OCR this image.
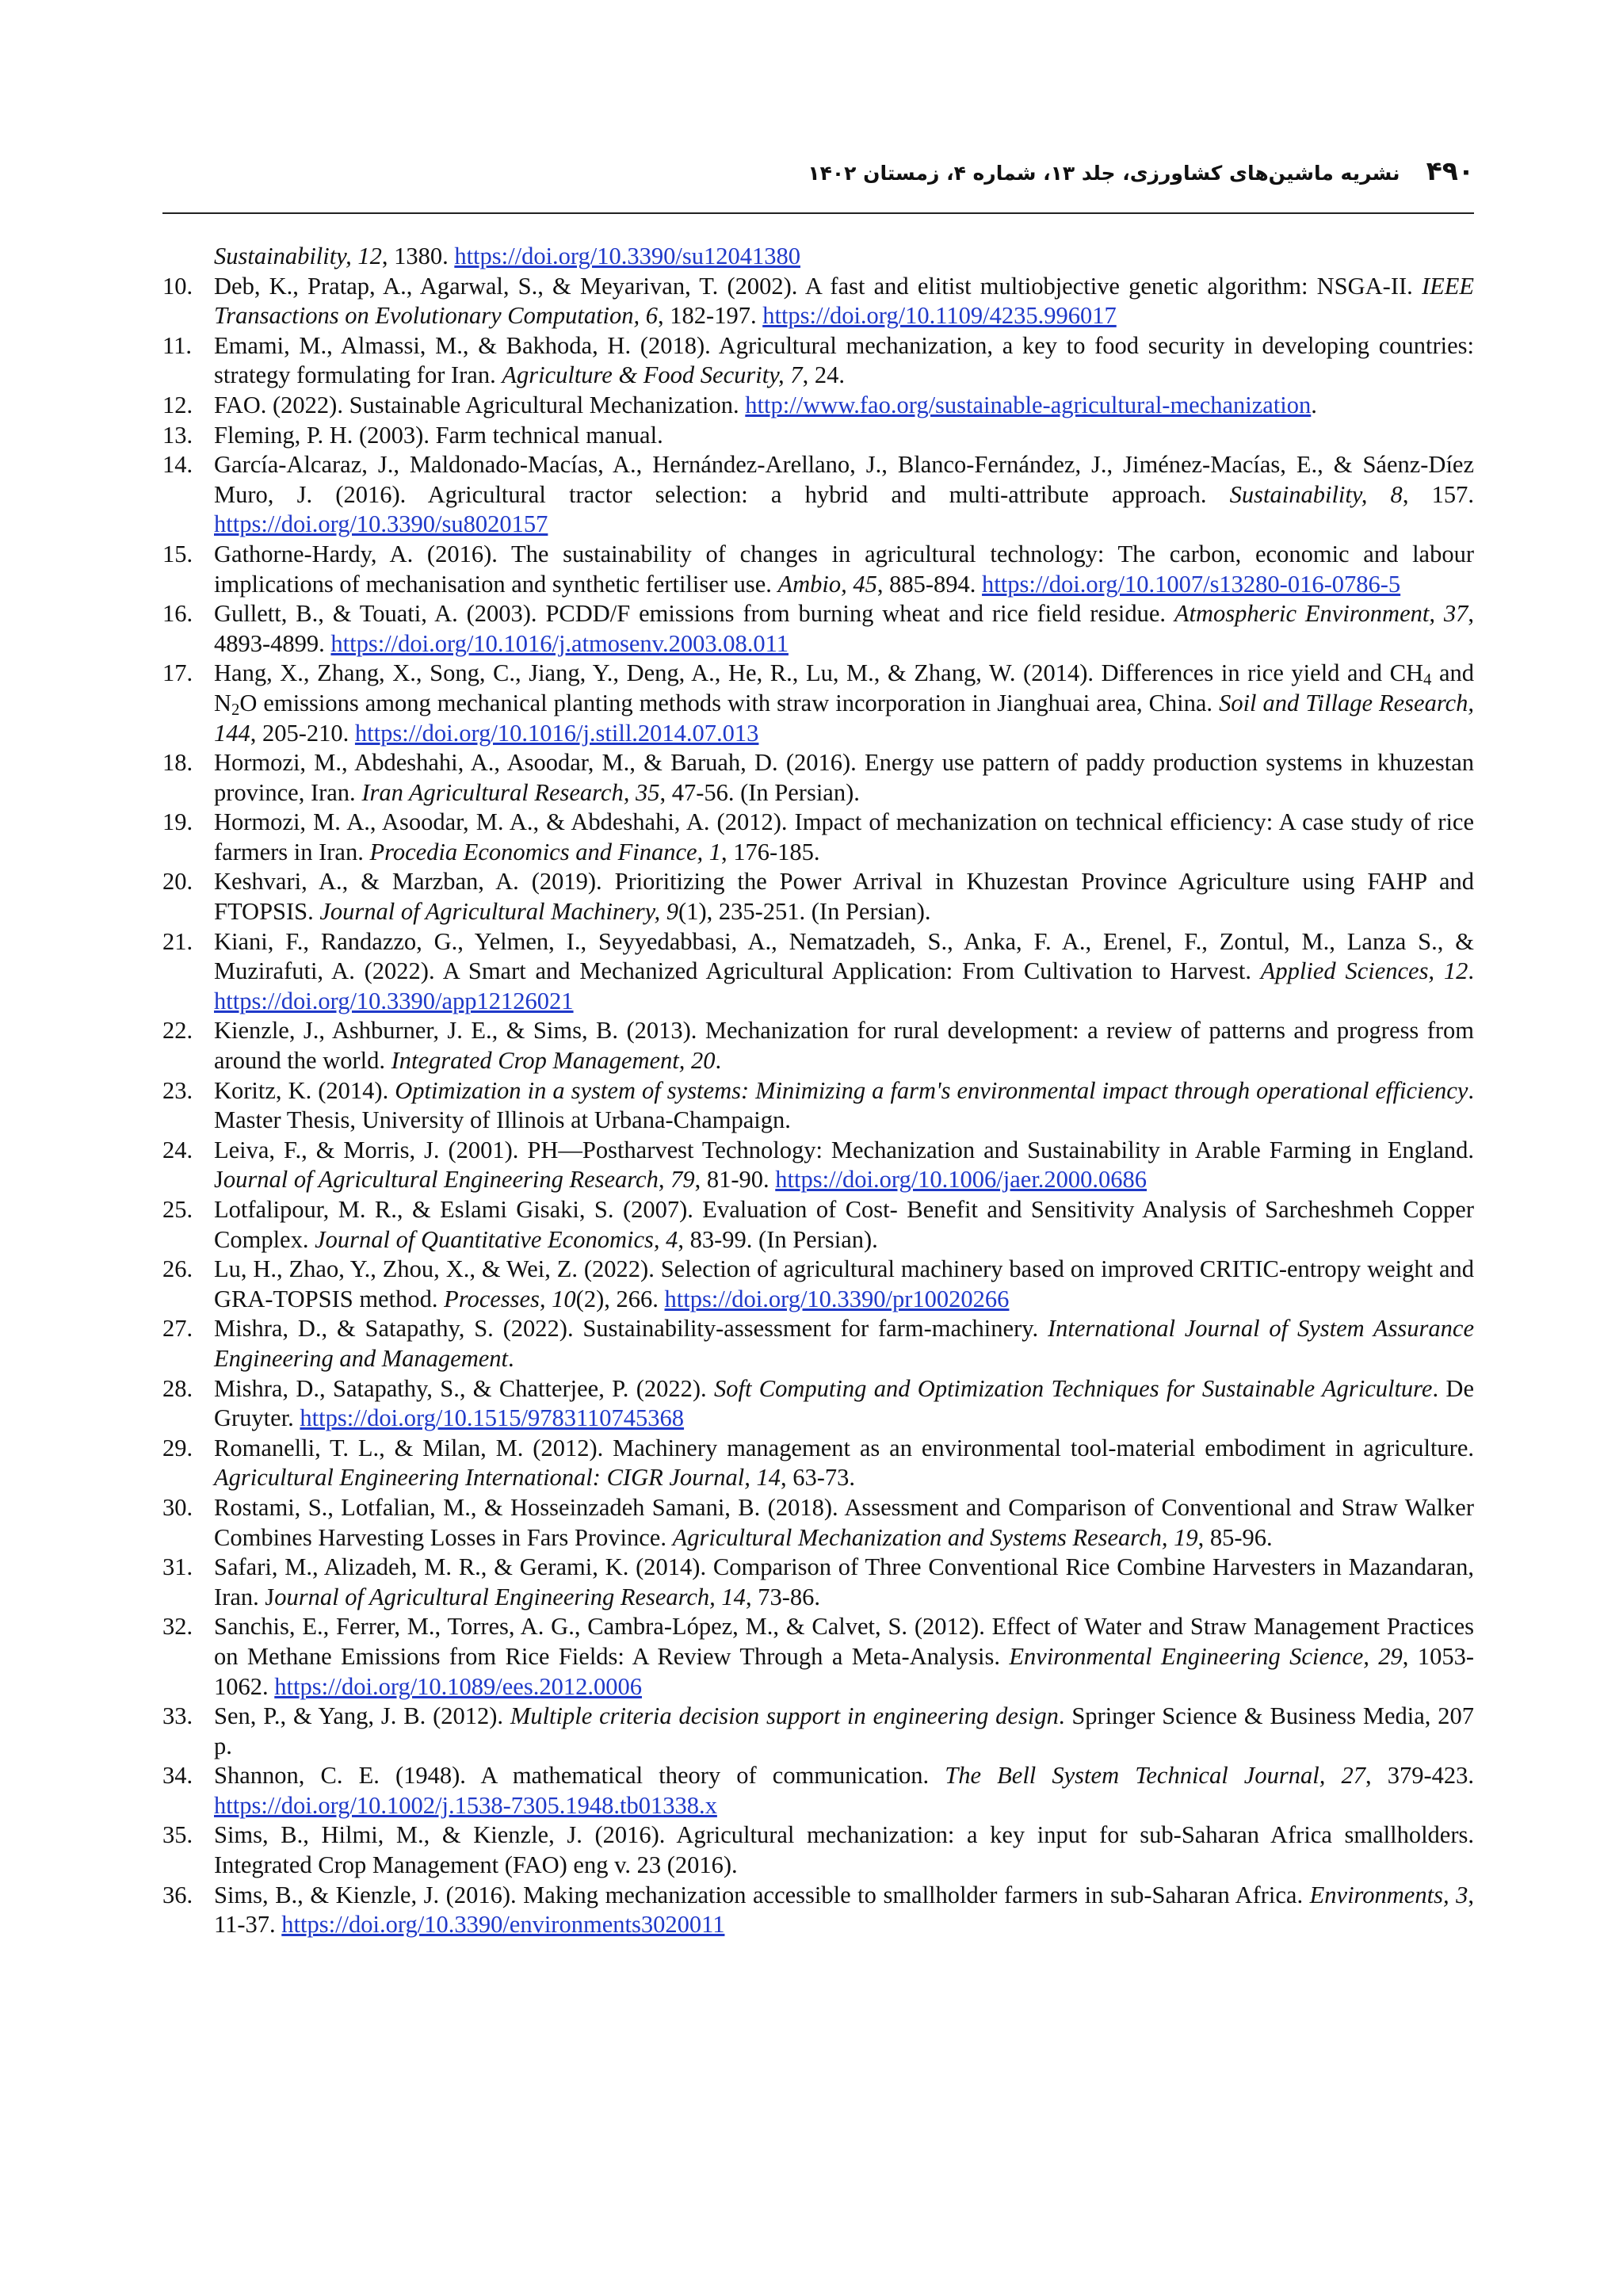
۴۹۰ نشریه ماشین‌های کشاورزی، جلد ۱۳، شماره ۴، زمستان ۱۴۰۲

Sustainability, 12, 1380. https://doi.org/10.3390/su12041380

10. Deb, K., Pratap, A., Agarwal, S., & Meyarivan, T. (2002). A fast and elitist multiobjective genetic algorithm: NSGA-II. IEEE Transactions on Evolutionary Computation, 6, 182-197. https://doi.org/10.1109/4235.996017

11. Emami, M., Almassi, M., & Bakhoda, H. (2018). Agricultural mechanization, a key to food security in developing countries: strategy formulating for Iran. Agriculture & Food Security, 7, 24.

12. FAO. (2022). Sustainable Agricultural Mechanization. http://www.fao.org/sustainable-agricultural-mechanization.

13. Fleming, P. H. (2003). Farm technical manual.

14. García-Alcaraz, J., Maldonado-Macías, A., Hernández-Arellano, J., Blanco-Fernández, J., Jiménez-Macías, E., & Sáenz-Díez Muro, J. (2016). Agricultural tractor selection: a hybrid and multi-attribute approach. Sustainability, 8, 157. https://doi.org/10.3390/su8020157

15. Gathorne-Hardy, A. (2016). The sustainability of changes in agricultural technology: The carbon, economic and labour implications of mechanisation and synthetic fertiliser use. Ambio, 45, 885-894. https://doi.org/10.1007/s13280-016-0786-5

16. Gullett, B., & Touati, A. (2003). PCDD/F emissions from burning wheat and rice field residue. Atmospheric Environment, 37, 4893-4899. https://doi.org/10.1016/j.atmosenv.2003.08.011

17. Hang, X., Zhang, X., Song, C., Jiang, Y., Deng, A., He, R., Lu, M., & Zhang, W. (2014). Differences in rice yield and $CH_4$ and $N_2O$ emissions among mechanical planting methods with straw incorporation in Jianghuai area, China. Soil and Tillage Research, 144, 205-210. https://doi.org/10.1016/j.still.2014.07.013

18. Hormozi, M., Abdeshahi, A., Asoodar, M., & Baruah, D. (2016). Energy use pattern of paddy production systems in khuzestan province, Iran. Iran Agricultural Research, 35, 47-56. (In Persian).

19. Hormozi, M. A., Asoodar, M. A., & Abdeshahi, A. (2012). Impact of mechanization on technical efficiency: A case study of rice farmers in Iran. Procedia Economics and Finance, 1, 176-185.

20. Keshvari, A., & Marzban, A. (2019). Prioritizing the Power Arrival in Khuzestan Province Agriculture using FAHP and FTOPSIS. Journal of Agricultural Machinery, 9(1), 235-251. (In Persian).

21. Kiani, F., Randazzo, G., Yelmen, I., Seyyedabbasi, A., Nematzadeh, S., Anka, F. A., Erenel, F., Zontul, M., Lanza S., & Muzirafuti, A. (2022). A Smart and Mechanized Agricultural Application: From Cultivation to Harvest. Applied Sciences, 12. https://doi.org/10.3390/app12126021

22. Kienzle, J., Ashburner, J. E., & Sims, B. (2013). Mechanization for rural development: a review of patterns and progress from around the world. Integrated Crop Management, 20.

23. Koritz, K. (2014). Optimization in a system of systems: Minimizing a farm's environmental impact through operational efficiency. Master Thesis, University of Illinois at Urbana-Champaign.

24. Leiva, F., & Morris, J. (2001). PH—Postharvest Technology: Mechanization and Sustainability in Arable Farming in England. Journal of Agricultural Engineering Research, 79, 81-90. https://doi.org/10.1006/jaer.2000.0686

25. Lotfalipour, M. R., & Eslami Gisaki, S. (2007). Evaluation of Cost- Benefit and Sensitivity Analysis of Sarcheshmeh Copper Complex. Journal of Quantitative Economics, 4, 83-99. (In Persian).

26. Lu, H., Zhao, Y., Zhou, X., & Wei, Z. (2022). Selection of agricultural machinery based on improved CRITIC-entropy weight and GRA-TOPSIS method. Processes, 10(2), 266. https://doi.org/10.3390/pr10020266

27. Mishra, D., & Satapathy, S. (2022). Sustainability-assessment for farm-machinery. International Journal of System Assurance Engineering and Management.

28. Mishra, D., Satapathy, S., & Chatterjee, P. (2022). Soft Computing and Optimization Techniques for Sustainable Agriculture. De Gruyter. https://doi.org/10.1515/9783110745368

29. Romanelli, T. L., & Milan, M. (2012). Machinery management as an environmental tool-material embodiment in agriculture. Agricultural Engineering International: CIGR Journal, 14, 63-73.

30. Rostami, S., Lotfalian, M., & Hosseinzadeh Samani, B. (2018). Assessment and Comparison of Conventional and Straw Walker Combines Harvesting Losses in Fars Province. Agricultural Mechanization and Systems Research, 19, 85-96.

31. Safari, M., Alizadeh, M. R., & Gerami, K. (2014). Comparison of Three Conventional Rice Combine Harvesters in Mazandaran, Iran. Journal of Agricultural Engineering Research, 14, 73-86.

32. Sanchis, E., Ferrer, M., Torres, A. G., Cambra-López, M., & Calvet, S. (2012). Effect of Water and Straw Management Practices on Methane Emissions from Rice Fields: A Review Through a Meta-Analysis. Environmental Engineering Science, 29, 1053-1062. https://doi.org/10.1089/ees.2012.0006

33. Sen, P., & Yang, J. B. (2012). Multiple criteria decision support in engineering design. Springer Science & Business Media, 207 p.

34. Shannon, C. E. (1948). A mathematical theory of communication. The Bell System Technical Journal, 27, 379-423. https://doi.org/10.1002/j.1538-7305.1948.tb01338.x

35. Sims, B., Hilmi, M., & Kienzle, J. (2016). Agricultural mechanization: a key input for sub-Saharan Africa smallholders. Integrated Crop Management (FAO) eng v. 23 (2016).

36. Sims, B., & Kienzle, J. (2016). Making mechanization accessible to smallholder farmers in sub-Saharan Africa. Environments, 3, 11-37. https://doi.org/10.3390/environments3020011
